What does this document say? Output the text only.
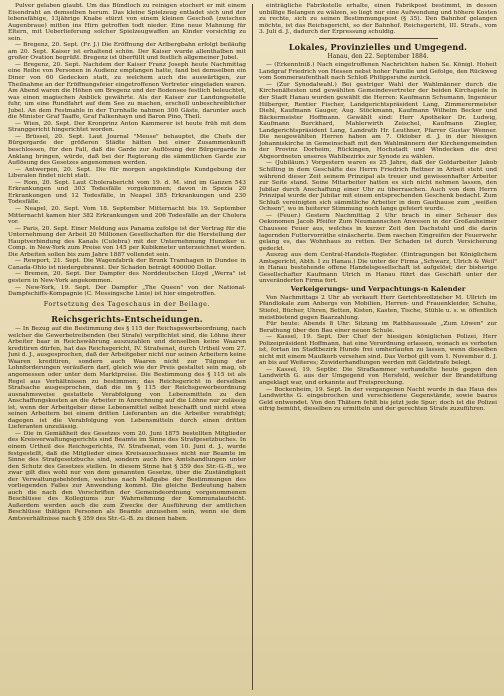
Pulver gelaben glaubt. Um das Bündloch zu reinigen stochert er mit einem Eisendraht an demselben herum. Das kleine Spielzeug entladet sich und der lebensfähige, 13jährige Knabe stürzt von einem kleinen Geschoß (zwischen Augenbraue) mitten ins Hirn getroffen todt nieder. Eine neue Mahnung für Eltern, mit Ueberlieferung solcher Spielzeugwaffen an Kinder vorsichtig zu sein.

— Bregenz, 20. Sept. (Fr. J.) Die Eröffnung der Arlbergbahn erfolgt beiläufig am 20. Sept. Kaiser ist erhaltend schön. Der Kaiser wurde allenthalben mit großer Ovation begrüßt. Bregenz ist überfüllt und festlich allgemeiner Jubel.

— Bregenz, 20. Sept. Nachdem der Kaiser Franz Joseph heute Nachmittag eine Reihe von Personen in Audienz empfangen hatte, fand bei demselben ein Diner von 60 Gedecken statt, zu welchem auch die auswärtigen, zur Theilnahme an der Eröffnungsfeier eingetroffenen Vertreter eingeladen waren. Am Abend waren die Höhen um Bregenz und der Bodensee festlich beleuchtet, was einen magischen Anblick gewährte. Als der Kaiser zur Landungsstelle fuhr, um eine Rundfahrt auf dem See zu machen, erscholl unbeschreiblicher Jubel. An dem Festmahle in der Turnhalle nahmen 300 Gäste, darunter auch die Minister Graf Taaffe, Graf Falkenhayn und Baron Pino, Theil.

— Wien, 20. Sept. Der Kronprinz Anton Kammerer ist heute früh mit dem Stranggericht hingerichtet worden.

— Brüssel, 20. Sept. Laut Journal "Meuse" behauptet, die Chefs der Bürgergarde der größeren Städte hätten bei einer Zusammenkunft beschlossen, für den Fall, daß die Garde zur Auflösung der Bürgergarde in Anklang bringen, würde, daß bei der Regierung die sämmtlichen Garde zur Auflösung des Gesetzes angenommen werden.

— Antwerpen, 20. Sept. Die für morgen angekündigte Kundgebung der Liberalen findet nicht statt.

— Rom, 20. Sept. Laut Cholerabericht vom 19. d. M. sind im Ganzen 543 Erkrankungen und 303 Todesfälle vorgekommen; davon in Spezia 20 Erkrankungen und 12 Todesfälle, in Neapel 385 Erkrankungen und 230 Todesfälle.

— Neapel, 20. Sept. Vom 18. September Mitternacht bis 19. September Mitternacht kamen hier 382 Erkrankungen und 206 Todesfälle an der Cholera vor.

— Paris, 20. Sept. Einer Meldung aus Panama zufolge ist der Vertrag für die Unternehmung der Arbeit 20 Millionen Gesellschaften für die Herstellung der Hauptverbindung des Kanals (Culebra) mit der Unternehmung Hunziker u. Comp. in New-York zum Preise von 145 per Kubikmeter unterzeichnet worden. Die Arbeiten sollen bis zum Jahre 1887 vollendet sein.

— Rewport, 21. Sept. Die Wagenfabrik der Brunk Tramhagen in Dundee in Canada-Ohio ist niedergebrannt. Der Schaden beträgt 400000 Dollar.

— Bremen, 20. Sept. Der Dampfer des Norddeutschen Lloyd „Werra" ist gestern in New-York angekommen.

— New-York, 19. Sept. Der Dampfer „The Queen" von der National-Dampfschiffs-Kompagnie (C. Messingsche Linie) ist hier eingetroffen.

Fortsetzung des Tageschaus in der Beilage.
Reichsgerichts-Entscheidungen.

— In Bezug auf die Bestimmung des § 115 der Reichsgewerbeordnung, nach welcher die Gewerbetreibenden (bei Strafe) verpflichtet sind, die Löhne ihrer Arbeiter baar in Reichswährung auszuzahlen und denselben keine Waaren kreditiren dürfen, hat das Reichsgericht, IV. Strafsenat, durch Urtheil vom 27. Juni d. J., ausgesprochen, daß der Arbeitgeber nicht nur seinen Arbeitern keine Waaren kreditiren, sondern auch Waaren nicht zur Tilgung der Lohnforderungen veräußern darf, gleich wie der Preis gestaltet sein mag, ob angemessen oder unter dem Marktpreise. Die Bestimmung des § 115 ist als Regel aus Verhältnissen zu bestimmen; das Reichsgericht in derselben Strafsache ausgesprochen, daß die im § 115 der Reichsgewerbeordnung ausnahmsweise gestattete Verabfolgung von Lebensmitteln zu den Anschaffungskosten an die Arbeiter in Anrechnung auf die Löhne nur zulässig ist, wenn der Arbeitgeber diese Lebensmittel selbst beschafft und nicht etwa seinen Arbeitern bei einem dritten Lieferanten an die Arbeiter verabfolgt; dagegen ist die Verabfolgung von Lebensmitteln durch einen dritten Lieferanten unzulässig.

— Die in Gemäßheit des Gesetzes vom 20. Juni 1875 bestellten Mitglieder des Kreisverwaltungsgerichts sind Beamte im Sinne des Strafgesetzbuches. In einem Urtheil des Reichsgerichts, IV. Strafsenat, vom 10. Juni d. J., wurde festgestellt, daß die Mitglieder eines Kreisausschusses nicht nur Beamte im Sinne des Strafgesetzbuchs sind, sondern auch ihre Amtshandlungen unter den Schutz des Gesetzes stellen. In diesem Sinne hat § 359 des Str.-G.-B., wo zwar gilt dies wohl nur von dem genannten Gesetze, über die Zuständigkeit der Verwaltungsbehörden, welches nach Maßgabe der Bestimmungen des vorliegenden Falles zur Anwendung kommt. Die gleiche Bedeutung haben auch die nach den Vorschriften der Gemeindeordnung vorgenommenen Beschlüsse des Kollegiums zur Wahrnehmung der Kommunalaufsicht. Außerdem werden auch die zum Zwecke der Ausführung der amtlichen Beschlüsse thätigen Personen als Beamte anzusehen sein, wenn sie dem Amtsverhältnisse nach § 359 des Str.-G.-B. zu dienen haben.

einträgliche Fabrikstelle erhalte, einen Fabrikpost bestimmt, in dessen unbillige Belangen zu wälzen, so liegt nur eine Aufwendung und höhere Kosten zu rechte, sich zu seinen Bestimmungspost (§ 35). Den Bahnhof gelangen möchte, ist das Reichsgericht, so der Bahnhof. Reichsgericht, III. Strafs., vom 3. Juli d. J., dadurch der Erpressung schuldig.

Lokales, Provinzielles und Umgegend.
Hanau, den 22. September 1884.

— (Erkenntniß.) Nach eingetroffenen Nachrichten haben Se. Königl. Hoheit Landgraf Friedrich von Hessen nebst hoher Familie und Gefolge, den Rückweg vom Sommeraufenthalt nach Schloß Philippsruhe zurück.

— (Zur Synodalwahl.) Bei gestriger Wahl der Wahlmänner durch die Kirchenältesten und gewählten Gemeindevertreter der beiden Kirchspiele in der Stadt Hanau wurden gewählt die Herren: Kaufmann Schumann, Ingenieur Hilberger, Rentier Fischer, Landgerichtspräsident Lang, Zimmerermeister Diehl, Kaufmann Gauger, Aug. Stöckmann, Kaufmann Wilhelm Becker und Bäckermeister Hoffmann. Gewählt sind: Herr Apotheker Dr. Ludwig, Kaufmann Burckhard, Mahlerwirth Zeischel, Kaufmann Ziegler, Landgerichtspräsident Lang, Landrath Hr. Leuthner, Pfarrer Gustav Wenner. Die neugewählten Herren haben am 7. Oktober d. J. in der hiesigen Johanniskirche in Gemeinschaft mit den Wahlmännern der Kirchengemeinden der Provinz Dorheim, Rückingen, Hochstadt und Windecken die drei Abgeordneten unseres Wahlbezirks zur Synode zu wählen.

— (Jubiläum.) Vorgestern waren es 25 Jahre, daß der Goldarbeiter Jakob Schilling in dem Geschäfte des Herrn Friedrich Rettner in Arbeit steht und während dieser Zeit seinem Prinzipal als treuer und gewissenhafter Arbeiter zur Seite stand. Seine Mitarbeiter hatten es sich nicht nehmen lassen, den Jubilar durch Anschaffung einer Uhr zu überraschen. Auch von dem Herrn Prinzipal wurde der Jubilar mit einem entsprechenden Geschenk bedacht. Zum Schluß vereinigten sich sämmtliche Arbeiter in dem Gasthause zum „weißen Ochsen", wo in heiterer Stimmung noch lange gefeiert wurde.

— (Feuer.) Gestern Nachmittag 2 Uhr brach in einer Scheuer des Oekonomen Jacob Pfeifer Zum Neumannschen Anwesen in der Großauheimer Chaussee Feuer aus, welches in kurzer Zeit den Dachstuhl und die darin lagernden Futtervorräthe einäscherte. Dem raschen Eingreifen der Feuerwehr gelang es, das Wohnhaus zu retten. Der Schaden ist durch Versicherung gedeckt.

Auszug aus dem Central-Handels-Register. (Eintragungen bei Königlichem Amtsgericht, Abth. I zu Hanau.) Die unter der Firma „Schwarz, Ulrich & Weil" in Hanau bestehende offene Handelsgesellschaft ist aufgelöst; der bisherige Gesellschafter Kaufmann Ulrich in Hanau führt das Geschäft unter der unveränderten Firma fort.

Verkeigerungs- und Verpachtungs-n Kalender

Von Nachmittags 2 Uhr ab verkauft Herr Gerichtsvollzieher M. Ullrich im Pfandlokale zum Anbergs von Mobilien, Herren- und Frauenkleider, Schuhe, Stiefel, Bücher, Uhren, Betten, Kisten, Kasten, Tische, Stühle u. s. w. öffentlich meistbietend gegen Baarzahlung.

Für heute: Abends 8 Uhr: Sitzung im Rathhaussaale „Zum Löwen" zur Berathung über den Bau einer neuen Schule.

— Kassel, 19. Sept. Der Chef der hiesigen königlichen Polizei, Herr Polizeipräsident Hoffmann, hat eine Verordnung erlassen, wonach es verboten ist, fortan im Stadtbezirk Hunde frei umherlaufen zu lassen, wenn dieselben nicht mit einem Maulkorb versehen sind. Das Verbot gilt vom 1. November d. J. an bis auf Weiteres; Zuwiderhandlungen werden mit Geldstrafe belegt.

— Kassel, 19. Septbr. Die Strafkammer verhandelte heute gegen den Landwirth G. aus der Umgegend von Hersfeld, welcher der Brandstiftung angeklagt war, und erkannte auf Freisprechung.

— Bockenheim, 19. Sept. In der vergangenen Nacht wurde in das Haus des Landwirths G. eingebrochen und verschiedene Gegenstände, sowie baares Geld entwendet. Von den Thätern fehlt bis jetzt jede Spur; doch ist die Polizei eifrig bemüht, dieselben zu ermitteln und der gerechten Strafe zuzuführen.
